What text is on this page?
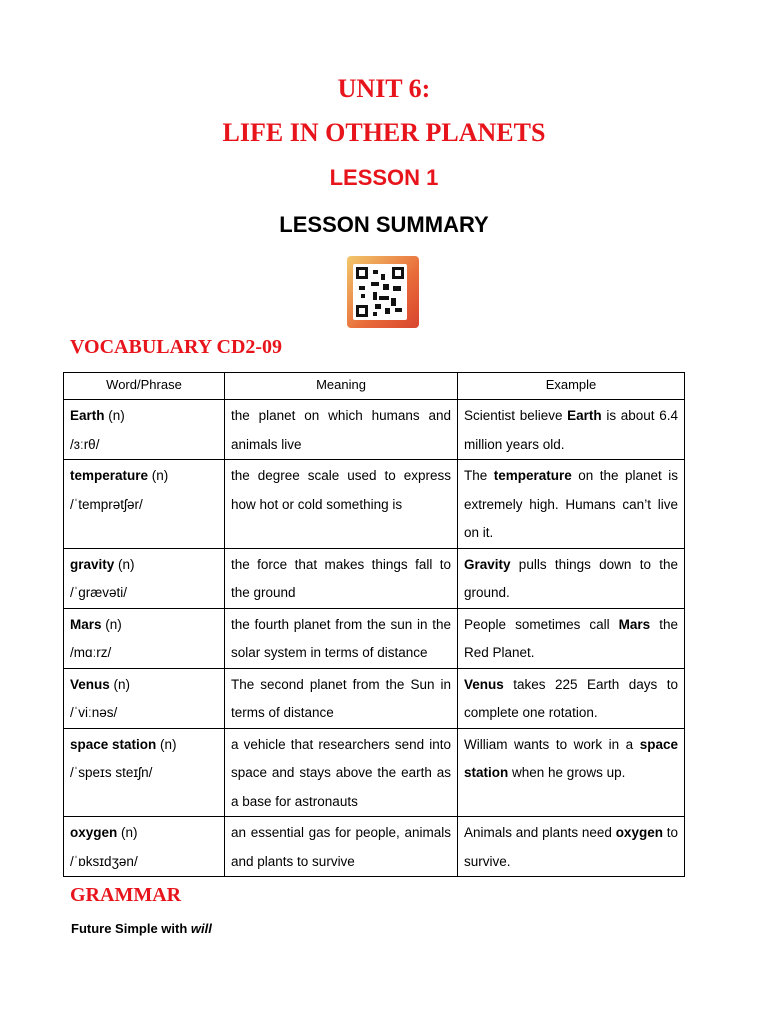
UNIT 6:
LIFE IN OTHER PLANETS
LESSON 1
LESSON SUMMARY
VOCABULARY CD2-09
Word/Phrase	Meaning	Example
Earth (n)
/ɜːrθ/	the planet on which humans and animals live	Scientist believe Earth is about 6.4 million years old.
temperature (n)
/ˈtemprətʃər/	the degree scale used to express how hot or cold something is	The temperature on the planet is extremely high. Humans can’t live on it.
gravity (n)
/ˈɡrævəti/	the force that makes things fall to the ground	Gravity pulls things down to the ground.
Mars (n)
/mɑːrz/	the fourth planet from the sun in the solar system in terms of distance	People sometimes call Mars the Red Planet.
Venus (n)
/ˈviːnəs/	The second planet from the Sun in terms of distance	Venus takes 225 Earth days to complete one rotation.
space station (n)
/ˈspeɪs steɪʃn/	a vehicle that researchers send into space and stays above the earth as a base for astronauts	William wants to work in a space station when he grows up.
oxygen (n)
/ˈɒksɪdʒən/	an essential gas for people, animals and plants to survive	Animals and plants need oxygen to survive.
GRAMMAR
Future Simple with will
